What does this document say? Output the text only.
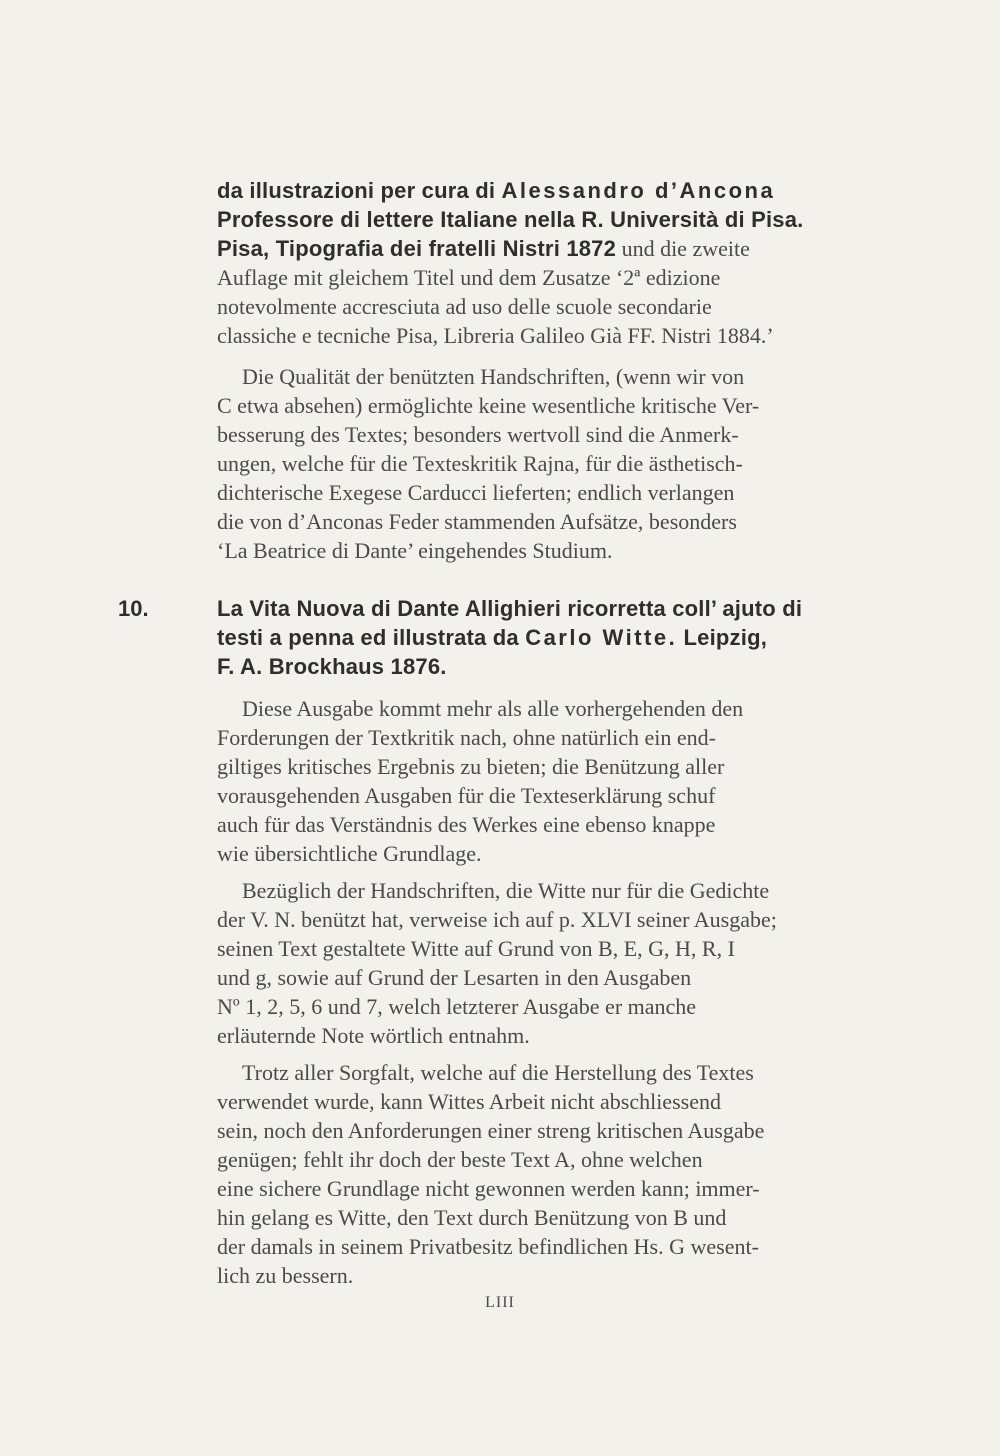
da illustrazioni per cura di Alessandro d’Ancona
Professore di lettere Italiane nella R. Università di Pisa.
Pisa, Tipografia dei fratelli Nistri 1872 und die zweite
Auflage mit gleichem Titel und dem Zusatze ‘2ª edizione
notevolmente accresciuta ad uso delle scuole secondarie
classiche e tecniche Pisa, Libreria Galileo Già FF. Nistri 1884.’

Die Qualität der benützten Handschriften, (wenn wir von
C etwa absehen) ermöglichte keine wesentliche kritische Ver-
besserung des Textes; besonders wertvoll sind die Anmerk-
ungen, welche für die Texteskritik Rajna, für die ästhetisch-
dichterische Exegese Carducci lieferten; endlich verlangen
die von d’Anconas Feder stammenden Aufsätze, besonders
‘La Beatrice di Dante’ eingehendes Studium.

10.	La Vita Nuova di Dante Allighieri ricorretta coll’ ajuto di
testi a penna ed illustrata da Carlo Witte. Leipzig,
F. A. Brockhaus 1876.

Diese Ausgabe kommt mehr als alle vorhergehenden den
Forderungen der Textkritik nach, ohne natürlich ein end-
giltiges kritisches Ergebnis zu bieten; die Benützung aller
vorausgehenden Ausgaben für die Texteserklärung schuf
auch für das Verständnis des Werkes eine ebenso knappe
wie übersichtliche Grundlage.

Bezüglich der Handschriften, die Witte nur für die Gedichte
der V. N. benützt hat, verweise ich auf p. XLVI seiner Ausgabe;
seinen Text gestaltete Witte auf Grund von B, E, G, H, R, I
und g, sowie auf Grund der Lesarten in den Ausgaben
Nº 1, 2, 5, 6 und 7, welch letzterer Ausgabe er manche
erläuternde Note wörtlich entnahm.

Trotz aller Sorgfalt, welche auf die Herstellung des Textes
verwendet wurde, kann Wittes Arbeit nicht abschliessend
sein, noch den Anforderungen einer streng kritischen Ausgabe
genügen; fehlt ihr doch der beste Text A, ohne welchen
eine sichere Grundlage nicht gewonnen werden kann; immer-
hin gelang es Witte, den Text durch Benützung von B und
der damals in seinem Privatbesitz befindlichen Hs. G wesent-
lich zu bessern.

LIII
